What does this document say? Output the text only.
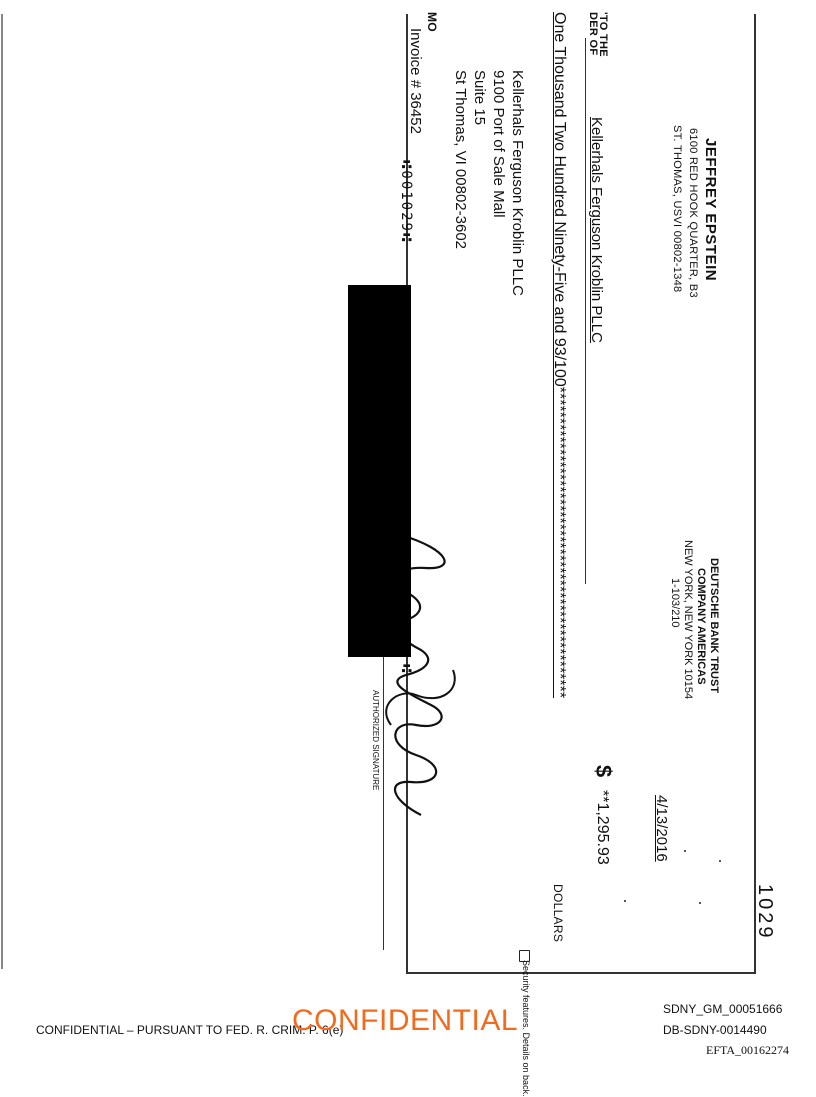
JEFFREY EPSTEIN
6100 RED HOOK QUARTER, B3
ST. THOMAS, USVI 00802-1348
DEUTSCHE BANK TRUST
COMPANY AMERICAS
NEW YORK, NEW YORK 10154
1-103/210
1029
4/13/2016
'TO THE
DER OF
Kellerhals Ferguson Kroblin PLLC
$
**1,295.93
One Thousand Two Hundred Ninety-Five and 93/100**************************************************
DOLLARS
Security features. Details on back.
Kellerhals Ferguson Kroblin PLLC
9100 Port of Sale Mall
Suite 15
St Thomas, VI 00802-3602
MO
Invoice # 36452
AUTHORIZED SIGNATURE
⑆001029⑆
⑆
SDNY_GM_00051666
CONFIDENTIAL – PURSUANT TO FED. R. CRIM. P. 6(e)
CONFIDENTIAL	DB-SDNY-0014490
EFTA_00162274
